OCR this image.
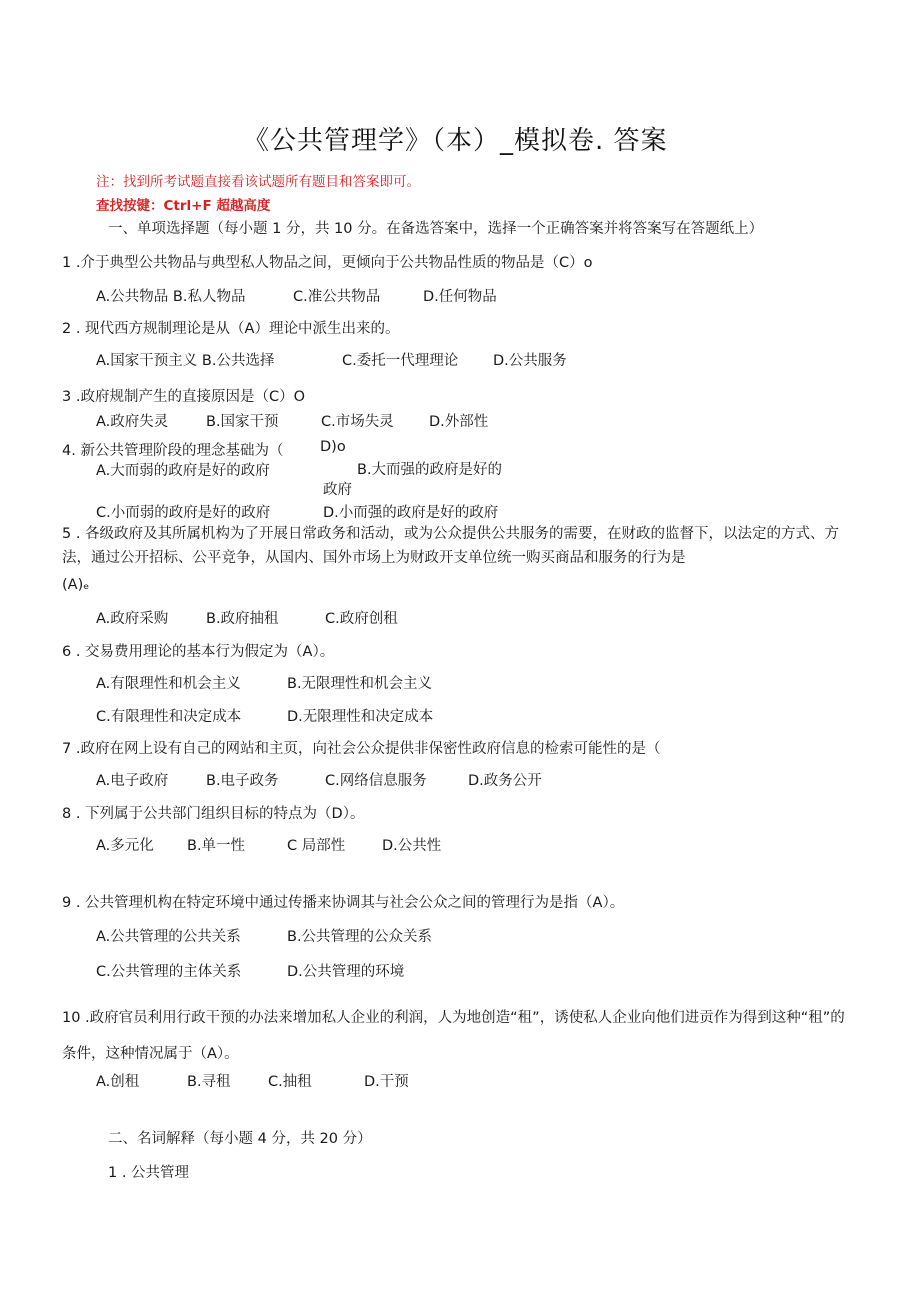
《公共管理学》（本）_模拟卷. 答案
注：找到所考试题直接看该试题所有题目和答案即可。
查找按键：Ctrl+F 超越高度
一、单项选择题（每小题 1 分，共 10 分。在备选答案中，选择一个正确答案并将答案写在答题纸上）
1 .介于典型公共物品与典型私人物品之间，更倾向于公共物品性质的物品是（C）o
A.公共物品 B.私人物品	C.准公共物品	D.任何物品
2 . 现代西方规制理论是从（A）理论中派生出来的。
A.国家干预主义 B.公共选择	C.委托一代理理论 D.公共服务
3 .政府规制产生的直接原因是（C）O
A.政府失灵	B.国家干预	C.市场失灵 D.外部性
4. 新公共管理阶段的理念基础为（	D)o
A.大而弱的政府是好的政府	B.大而强的政府是好的
政府
C.小而弱的政府是好的政府	D.小而强的政府是好的政府
5 . 各级政府及其所属机构为了开展日常政务和活动，或为公众提供公共服务的需要，在财政的监督下，以法定的方式、方法，通过公开招标、公平竞争，从国内、国外市场上为财政开支单位统一购买商品和服务的行为是
(A)ₑ
A.政府采购	B.政府抽租	C.政府创租
6 . 交易费用理论的基本行为假定为（A）。
A.有限理性和机会主义	B.无限理性和机会主义
C.有限理性和决定成本	D.无限理性和决定成本
7 .政府在网上设有自己的网站和主页，向社会公众提供非保密性政府信息的检索可能性的是（
A.电子政府	B.电子政务	C.网络信息服务	D.政务公开
8 . 下列属于公共部门组织目标的特点为（D）。
A.多元化 B.单一性	C 局部性	D.公共性
9 . 公共管理机构在特定环境中通过传播来协调其与社会公众之间的管理行为是指（A）。
A.公共管理的公共关系	B.公共管理的公众关系
C.公共管理的主体关系	D.公共管理的环境
10 .政府官员利用行政干预的办法来增加私人企业的利润，人为地创造“租”，诱使私人企业向他们进贡作为得到这种“租”的条件，这种情况属于（A）。
A.创租	B.寻租	C.抽租	D.干预
二、名词解释（每小题 4 分，共 20 分）
1 . 公共管理
